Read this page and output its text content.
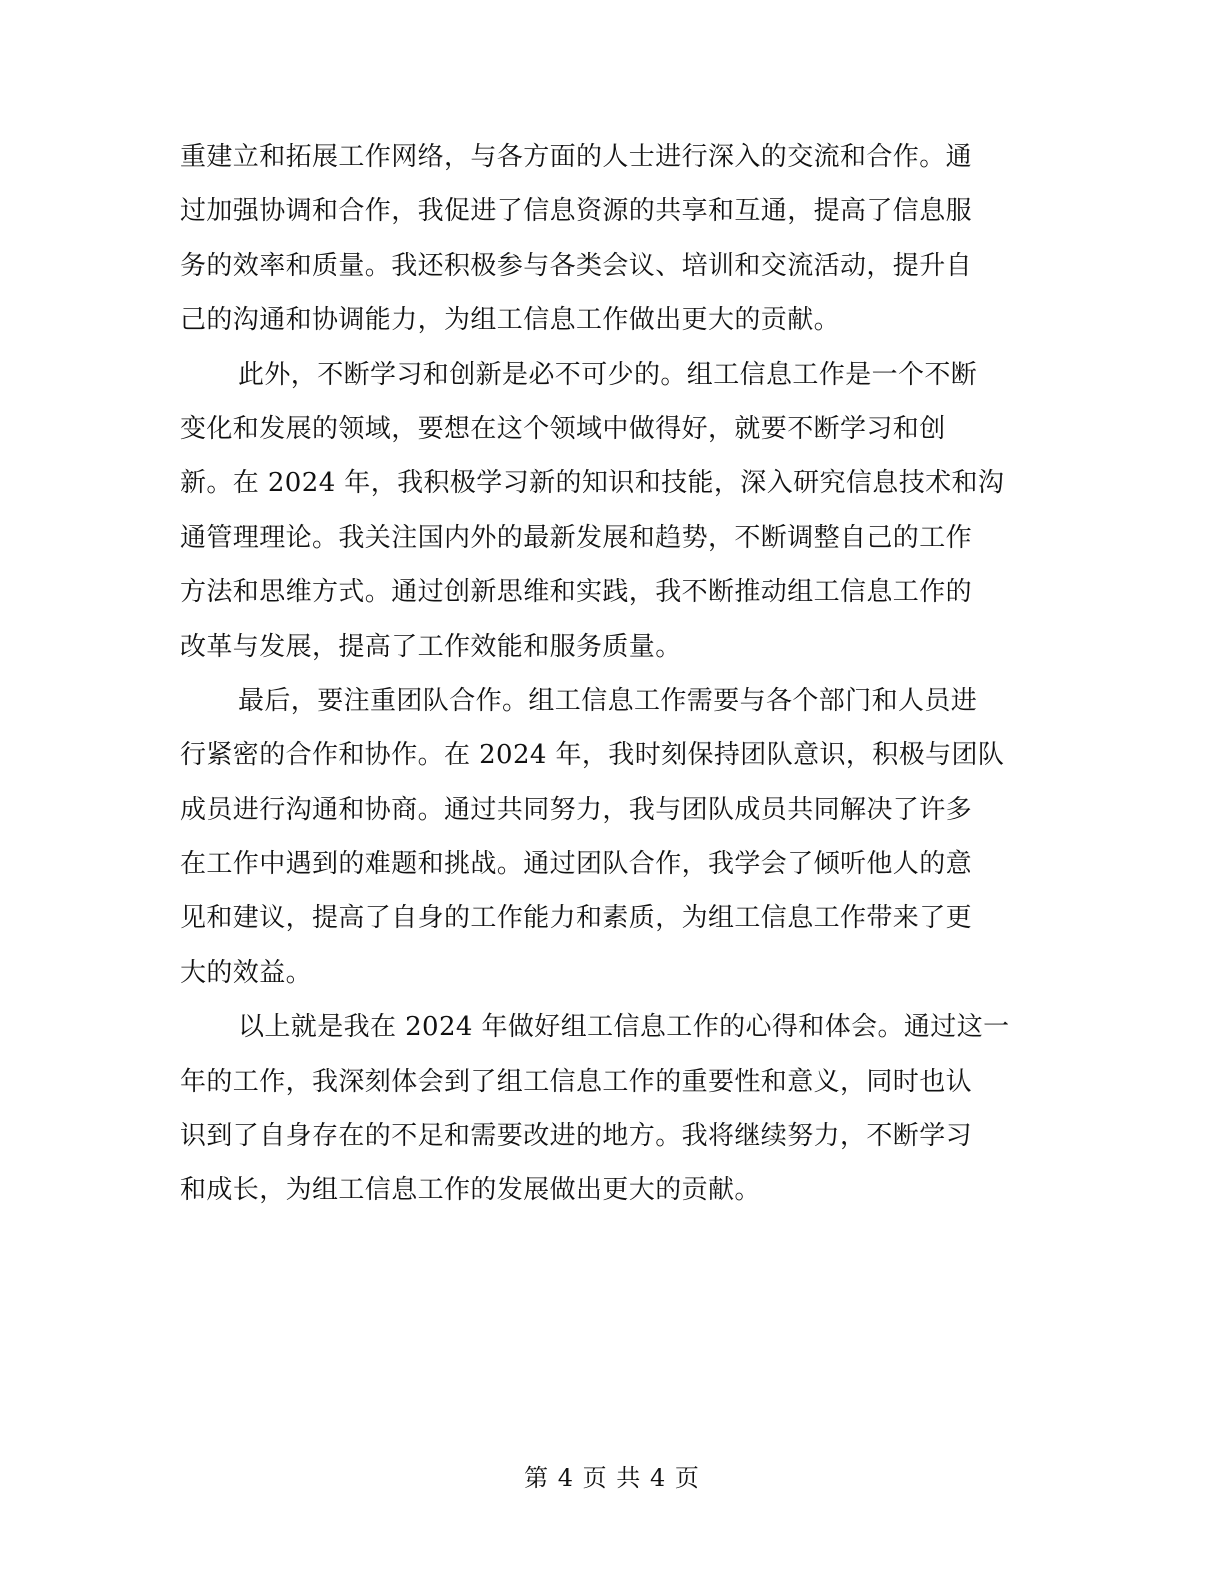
重建立和拓展工作网络，与各方面的人士进行深入的交流和合作。通
过加强协调和合作，我促进了信息资源的共享和互通，提高了信息服
务的效率和质量。我还积极参与各类会议、培训和交流活动，提升自
己的沟通和协调能力，为组工信息工作做出更大的贡献。
此外，不断学习和创新是必不可少的。组工信息工作是一个不断
变化和发展的领域，要想在这个领域中做得好，就要不断学习和创
新。在 2024 年，我积极学习新的知识和技能，深入研究信息技术和沟
通管理理论。我关注国内外的最新发展和趋势，不断调整自己的工作
方法和思维方式。通过创新思维和实践，我不断推动组工信息工作的
改革与发展，提高了工作效能和服务质量。
最后，要注重团队合作。组工信息工作需要与各个部门和人员进
行紧密的合作和协作。在 2024 年，我时刻保持团队意识，积极与团队
成员进行沟通和协商。通过共同努力，我与团队成员共同解决了许多
在工作中遇到的难题和挑战。通过团队合作，我学会了倾听他人的意
见和建议，提高了自身的工作能力和素质，为组工信息工作带来了更
大的效益。
以上就是我在 2024 年做好组工信息工作的心得和体会。通过这一
年的工作，我深刻体会到了组工信息工作的重要性和意义，同时也认
识到了自身存在的不足和需要改进的地方。我将继续努力，不断学习
和成长，为组工信息工作的发展做出更大的贡献。
第 4 页 共 4 页
